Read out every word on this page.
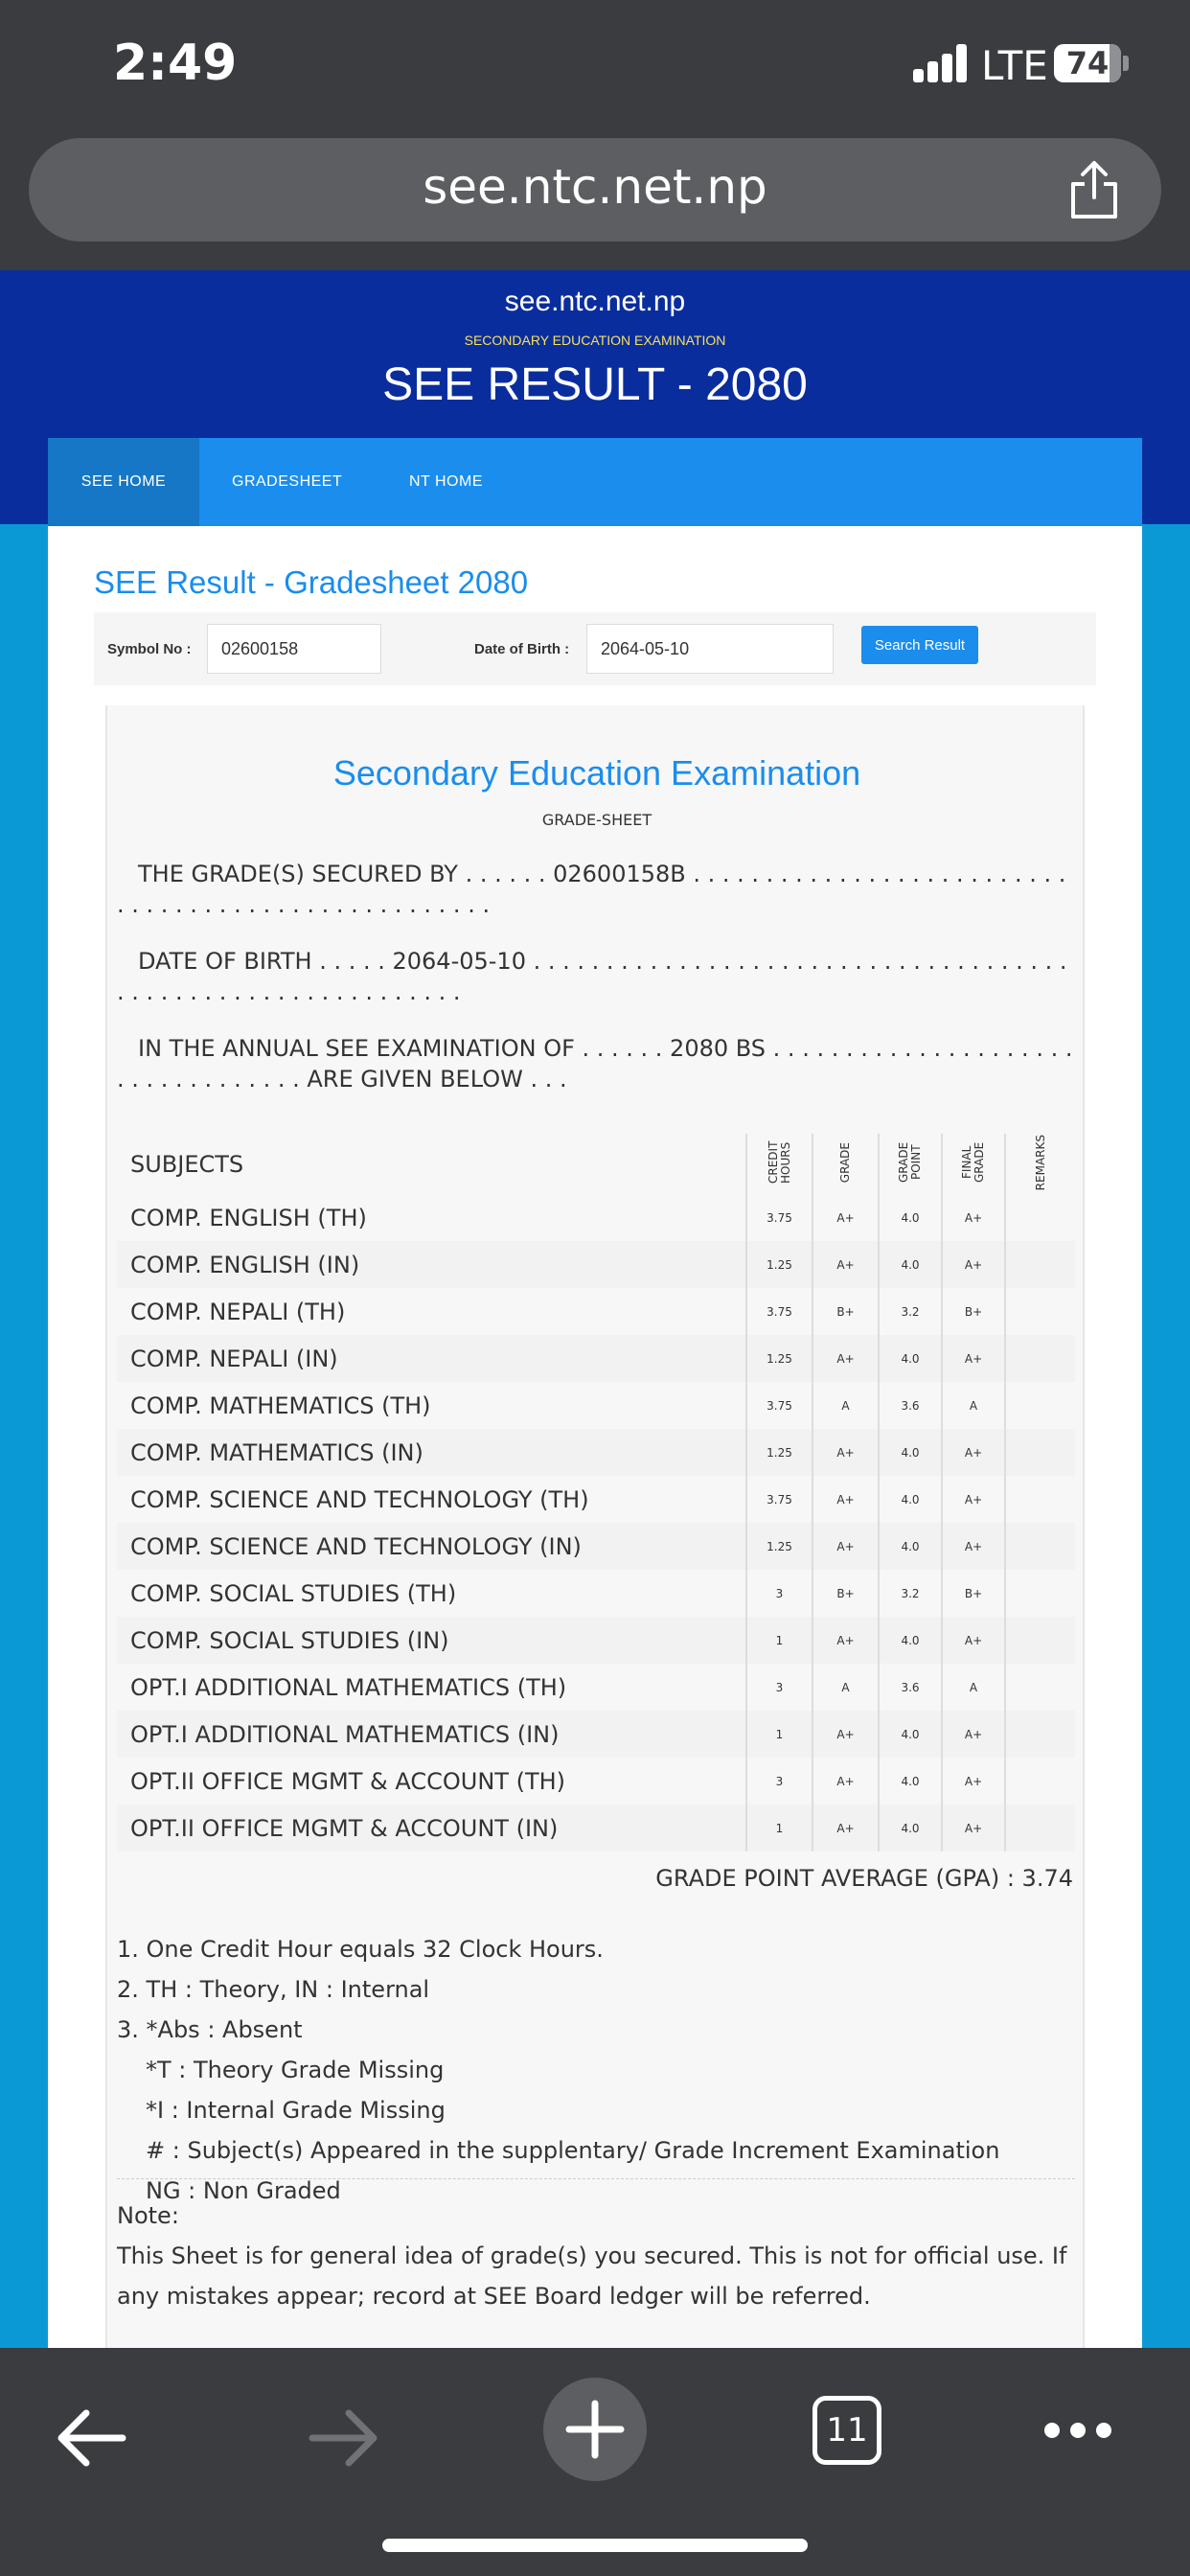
2:49	LTE 74
see.ntc.net.np
see.ntc.net.np
SECONDARY EDUCATION EXAMINATION
SEE RESULT - 2080
SEE HOME	GRADESHEET	NT HOME
SEE Result - Gradesheet 2080
Symbol No :	02600158	Date of Birth :	2064-05-10	Search Result
Secondary Education Examination
GRADE-SHEET
THE GRADE(S) SECURED BY . . . . . . 02600158B . . . . . . . . . . . . . . . . . . . . . . . . . . . . . . . . . . . . . . . . . . . . . . . . . . . .
DATE OF BIRTH . . . . . 2064-05-10 . . . . . . . . . . . . . . . . . . . . . . . . . . . . . . . . . . . . . . . . . . . . . . . . . . . . . . . . . . . . .
IN THE ANNUAL SEE EXAMINATION OF . . . . . . 2080 BS . . . . . . . . . . . . . . . . . . . . . . . . . . . . . . . . . . ARE GIVEN BELOW . . .
SUBJECTS	CREDIT HOURS	GRADE	GRADE POINT	FINAL GRADE	REMARKS
COMP. ENGLISH (TH)	3.75	A+	4.0	A+	
COMP. ENGLISH (IN)	1.25	A+	4.0	A+	
COMP. NEPALI (TH)	3.75	B+	3.2	B+	
COMP. NEPALI (IN)	1.25	A+	4.0	A+	
COMP. MATHEMATICS (TH)	3.75	A	3.6	A	
COMP. MATHEMATICS (IN)	1.25	A+	4.0	A+	
COMP. SCIENCE AND TECHNOLOGY (TH)	3.75	A+	4.0	A+	
COMP. SCIENCE AND TECHNOLOGY (IN)	1.25	A+	4.0	A+	
COMP. SOCIAL STUDIES (TH)	3	B+	3.2	B+	
COMP. SOCIAL STUDIES (IN)	1	A+	4.0	A+	
OPT.I ADDITIONAL MATHEMATICS (TH)	3	A	3.6	A	
OPT.I ADDITIONAL MATHEMATICS (IN)	1	A+	4.0	A+	
OPT.II OFFICE MGMT & ACCOUNT (TH)	3	A+	4.0	A+	
OPT.II OFFICE MGMT & ACCOUNT (IN)	1	A+	4.0	A+	
GRADE POINT AVERAGE (GPA) : 3.74
1. One Credit Hour equals 32 Clock Hours.
2. TH : Theory, IN : Internal
3. *Abs : Absent
*T : Theory Grade Missing
*I : Internal Grade Missing
# : Subject(s) Appeared in the supplentary/ Grade Increment Examination
NG : Non Graded
Note:
This Sheet is for general idea of grade(s) you secured. This is not for official use. If any mistakes appear; record at SEE Board ledger will be referred.
11
